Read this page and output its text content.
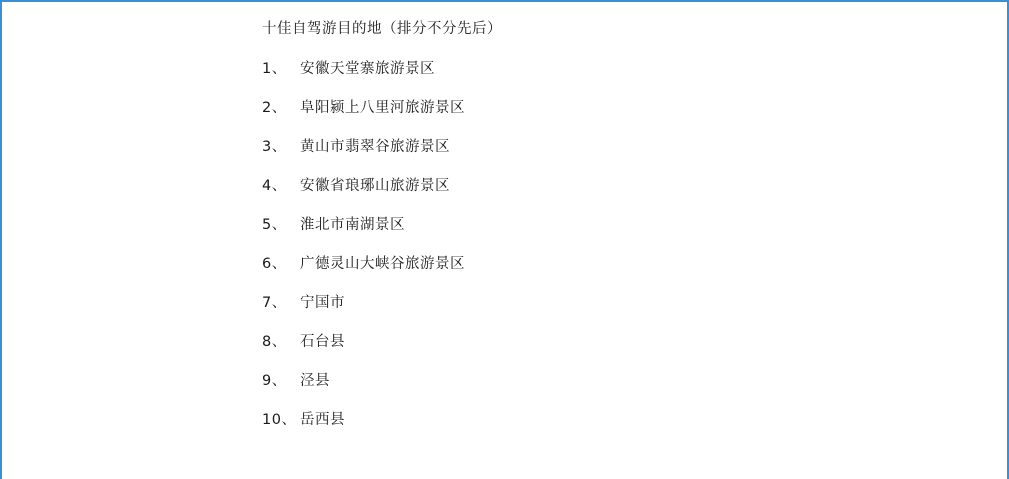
十佳自驾游目的地（排分不分先后）
1、 安徽天堂寨旅游景区
2、 阜阳颍上八里河旅游景区
3、 黄山市翡翠谷旅游景区
4、 安徽省琅琊山旅游景区
5、 淮北市南湖景区
6、 广德灵山大峡谷旅游景区
7、 宁国市
8、 石台县
9、 泾县
10、 岳西县
